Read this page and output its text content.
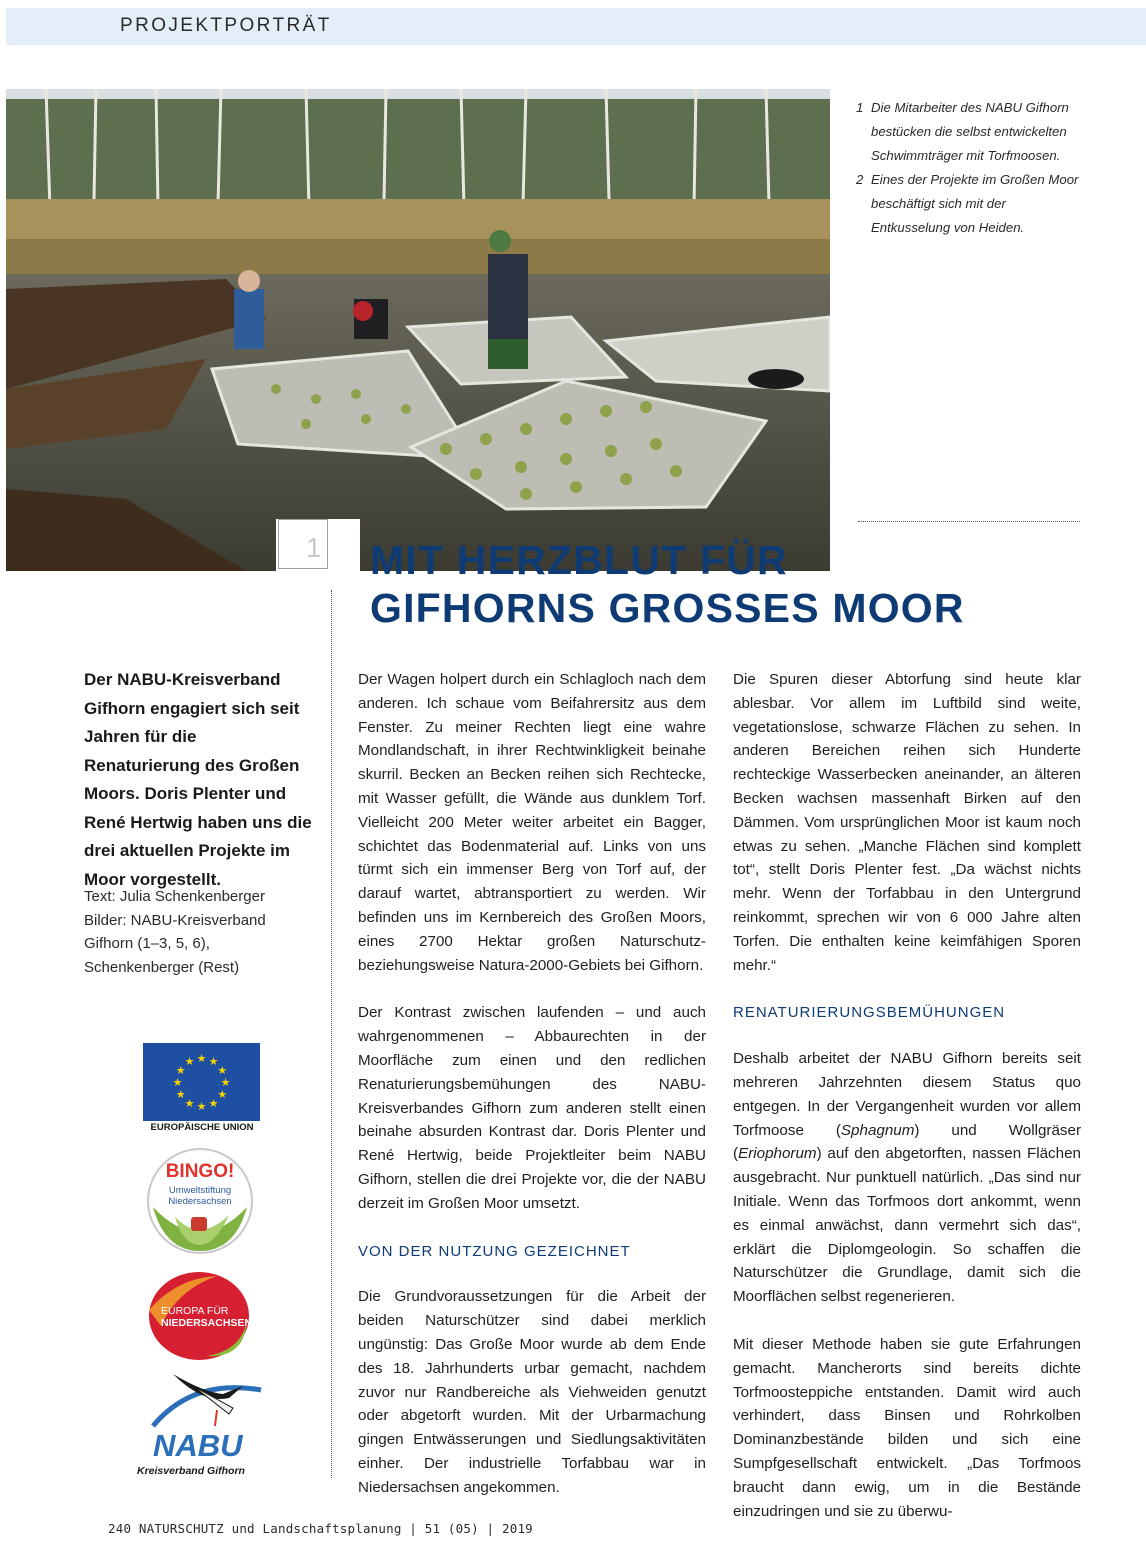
PROJEKTPORTRÄT
1

1 Die Mitarbeiter des NABU Gifhorn bestücken die selbst entwickelten Schwimmträger mit Torfmoosen.

2 Eines der Projekte im Großen Moor beschäftigt sich mit der Entkusselung von Heiden.

MIT HERZBLUT FÜR
GIFHORNS GROSSES MOOR
Der NABU-Kreisverband Gifhorn engagiert sich seit Jahren für die Renaturierung des Großen Moors. Doris Plenter und René Hertwig haben uns die drei aktuellen Projekte im Moor vorgestellt.
Text: Julia Schenkenberger
Bilder: NABU-Kreisverband Gifhorn (1–3, 5, 6), Schenkenberger (Rest)

Der Wagen holpert durch ein Schlagloch nach dem anderen. Ich schaue vom Beifahrersitz aus dem Fenster. Zu meiner Rechten liegt eine wahre Mondlandschaft, in ihrer Rechtwinkligkeit beinahe skurril. Becken an Becken reihen sich Rechtecke, mit Wasser gefüllt, die Wände aus dunklem Torf. Vielleicht 200 Meter weiter arbeitet ein Bagger, schichtet das Bodenmaterial auf. Links von uns türmt sich ein immenser Berg von Torf auf, der darauf wartet, abtransportiert zu werden. Wir befinden uns im Kernbereich des Großen Moors, eines 2700 Hektar großen Naturschutz- beziehungsweise Natura-2000-Gebiets bei Gifhorn.

Der Kontrast zwischen laufenden – und auch wahrgenommenen – Abbaurechten in der Moorfläche zum einen und den redlichen Renaturierungsbemühungen des NABU-Kreisverbandes Gifhorn zum anderen stellt einen beinahe absurden Kontrast dar. Doris Plenter und René Hertwig, beide Projektleiter beim NABU Gifhorn, stellen die drei Projekte vor, die der NABU derzeit im Großen Moor umsetzt.

VON DER NUTZUNG GEZEICHNET

Die Grundvoraussetzungen für die Arbeit der beiden Naturschützer sind dabei merklich ungünstig: Das Große Moor wurde ab dem Ende des 18. Jahrhunderts urbar gemacht, nachdem zuvor nur Randbereiche als Viehweiden genutzt oder abgetorft wurden. Mit der Urbarmachung gingen Entwässerungen und Siedlungsaktivitäten einher. Der industrielle Torfabbau war in Niedersachsen angekommen.

Die Spuren dieser Abtorfung sind heute klar ablesbar. Vor allem im Luftbild sind weite, vegetationslose, schwarze Flächen zu sehen. In anderen Bereichen reihen sich Hunderte rechteckige Wasserbecken aneinander, an älteren Becken wachsen massenhaft Birken auf den Dämmen. Vom ursprünglichen Moor ist kaum noch etwas zu sehen. „Manche Flächen sind komplett tot“, stellt Doris Plenter fest. „Da wächst nichts mehr. Wenn der Torfabbau in den Untergrund reinkommt, sprechen wir von 6 000 Jahre alten Torfen. Die enthalten keine keimfähigen Sporen mehr.“

RENATURIERUNGSBEMÜHUNGEN

Deshalb arbeitet der NABU Gifhorn bereits seit mehreren Jahrzehnten diesem Status quo entgegen. In der Vergangenheit wurden vor allem Torfmoose (Sphagnum) und Wollgräser (Eriophorum) auf den abgetorften, nassen Flächen ausgebracht. Nur punktuell natürlich. „Das sind nur Initiale. Wenn das Torfmoos dort ankommt, wenn es einmal anwächst, dann vermehrt sich das“, erklärt die Diplomgeologin. So schaffen die Naturschützer die Grundlage, damit sich die Moorflächen selbst regenerieren.

Mit dieser Methode haben sie gute Erfahrungen gemacht. Mancherorts sind bereits dichte Torfmoosteppiche entstanden. Damit wird auch verhindert, dass Binsen und Rohrkolben Dominanzbestände bilden und sich eine Sumpfgesellschaft entwickelt. „Das Torfmoos braucht dann ewig, um in die Bestände einzudringen und sie zu überwu-

★
★
★
★
★
★
★
★
★ ★ ★
★
EUROPÄISCHE UNION
BINGO!
Umweltstiftung
Niedersachsen
EUROPA FÜR
NIEDERSACHSEN
NABU
Kreisverband Gifhorn
240 NATURSCHUTZ und Landschaftsplanung | 51 (05) | 2019
